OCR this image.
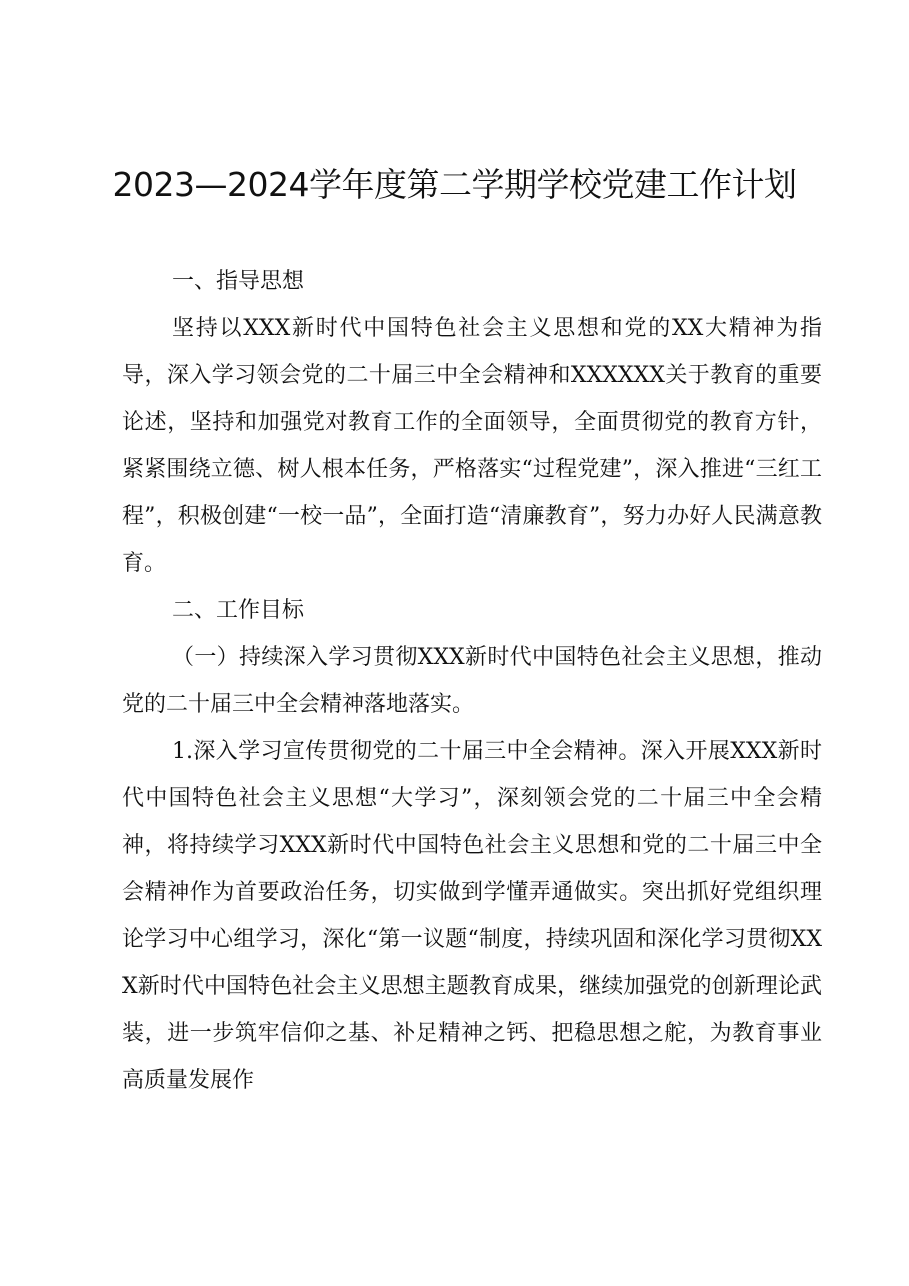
2023—2024学年度第二学期学校党建工作计划

一、指导思想

坚持以XXX新时代中国特色社会主义思想和党的XX大精神为指导，深入学习领会党的二十届三中全会精神和XXXXXX关于教育的重要论述，坚持和加强党对教育工作的全面领导，全面贯彻党的教育方针，紧紧围绕立德、树人根本任务，严格落实“过程党建”，深入推进“三红工程”，积极创建“一校一品”，全面打造“清廉教育”，努力办好人民满意教育。

二、工作目标

（一）持续深入学习贯彻XXX新时代中国特色社会主义思想，推动党的二十届三中全会精神落地落实。

1.深入学习宣传贯彻党的二十届三中全会精神。深入开展XXX新时代中国特色社会主义思想“大学习”，深刻领会党的二十届三中全会精神，将持续学习XXX新时代中国特色社会主义思想和党的二十届三中全会精神作为首要政治任务，切实做到学懂弄通做实。突出抓好党组织理论学习中心组学习，深化“第一议题“制度，持续巩固和深化学习贯彻XXX新时代中国特色社会主义思想主题教育成果，继续加强党的创新理论武装，进一步筑牢信仰之基、补足精神之钙、把稳思想之舵，为教育事业高质量发展作
